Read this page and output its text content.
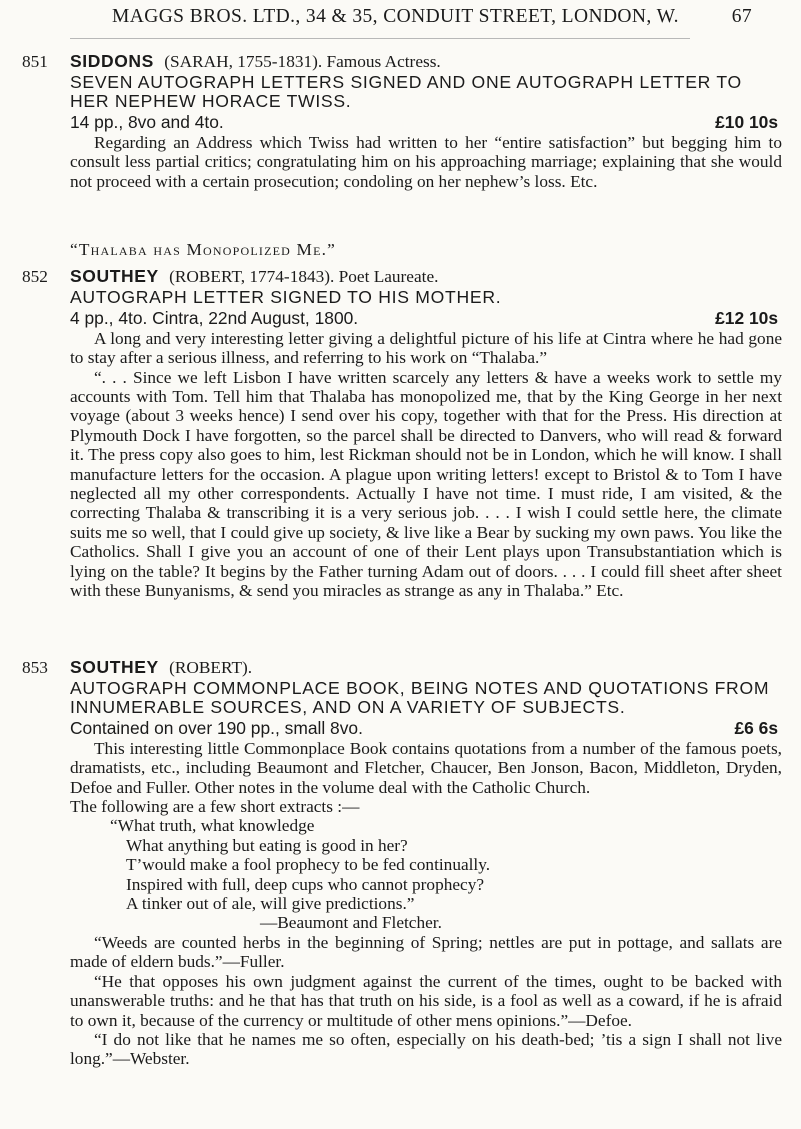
MAGGS BROS. LTD., 34 & 35, CONDUIT STREET, LONDON, W.	67
851	SIDDONS (SARAH, 1755-1831). Famous Actress.
SEVEN AUTOGRAPH LETTERS SIGNED AND ONE AUTOGRAPH LETTER TO HER NEPHEW HORACE TWISS.
14 pp., 8vo and 4to.	£10 10s

Regarding an Address which Twiss had written to her “entire satisfaction” but begging him to consult less partial critics; congratulating him on his approaching marriage; explaining that she would not proceed with a certain prosecution; condoling on her nephew’s loss. Etc.

“Thalaba has Monopolized Me.”
852	SOUTHEY (ROBERT, 1774-1843). Poet Laureate.
AUTOGRAPH LETTER SIGNED TO HIS MOTHER.
4 pp., 4to. Cintra, 22nd August, 1800.	£12 10s

A long and very interesting letter giving a delightful picture of his life at Cintra where he had gone to stay after a serious illness, and referring to his work on “Thalaba.”

“. . . Since we left Lisbon I have written scarcely any letters & have a weeks work to settle my accounts with Tom. Tell him that Thalaba has monopolized me, that by the King George in her next voyage (about 3 weeks hence) I send over his copy, together with that for the Press. His direction at Plymouth Dock I have forgotten, so the parcel shall be directed to Danvers, who will read & forward it. The press copy also goes to him, lest Rickman should not be in London, which he will know. I shall manufacture letters for the occasion. A plague upon writing letters! except to Bristol & to Tom I have neglected all my other correspondents. Actually I have not time. I must ride, I am visited, & the correcting Thalaba & transcribing it is a very serious job. . . . I wish I could settle here, the climate suits me so well, that I could give up society, & live like a Bear by sucking my own paws. You like the Catholics. Shall I give you an account of one of their Lent plays upon Transubstantiation which is lying on the table? It begins by the Father turning Adam out of doors. . . . I could fill sheet after sheet with these Bunyanisms, & send you miracles as strange as any in Thalaba.” Etc.

853	SOUTHEY (ROBERT).
AUTOGRAPH COMMONPLACE BOOK, BEING NOTES AND QUOTATIONS FROM INNUMERABLE SOURCES, AND ON A VARIETY OF SUBJECTS.
Contained on over 190 pp., small 8vo.	£6 6s

This interesting little Commonplace Book contains quotations from a number of the famous poets, dramatists, etc., including Beaumont and Fletcher, Chaucer, Ben Jonson, Bacon, Middleton, Dryden, Defoe and Fuller. Other notes in the volume deal with the Catholic Church.

The following are a few short extracts :—

“What truth, what knowledge

What anything but eating is good in her?

T’would make a fool prophecy to be fed continually.

Inspired with full, deep cups who cannot prophecy?

A tinker out of ale, will give predictions.”

—Beaumont and Fletcher.

“Weeds are counted herbs in the beginning of Spring; nettles are put in pottage, and sallats are made of eldern buds.”—Fuller.

“He that opposes his own judgment against the current of the times, ought to be backed with unanswerable truths: and he that has that truth on his side, is a fool as well as a coward, if he is afraid to own it, because of the currency or multitude of other mens opinions.”—Defoe.

“I do not like that he names me so often, especially on his death-bed; ’tis a sign I shall not live long.”—Webster.
